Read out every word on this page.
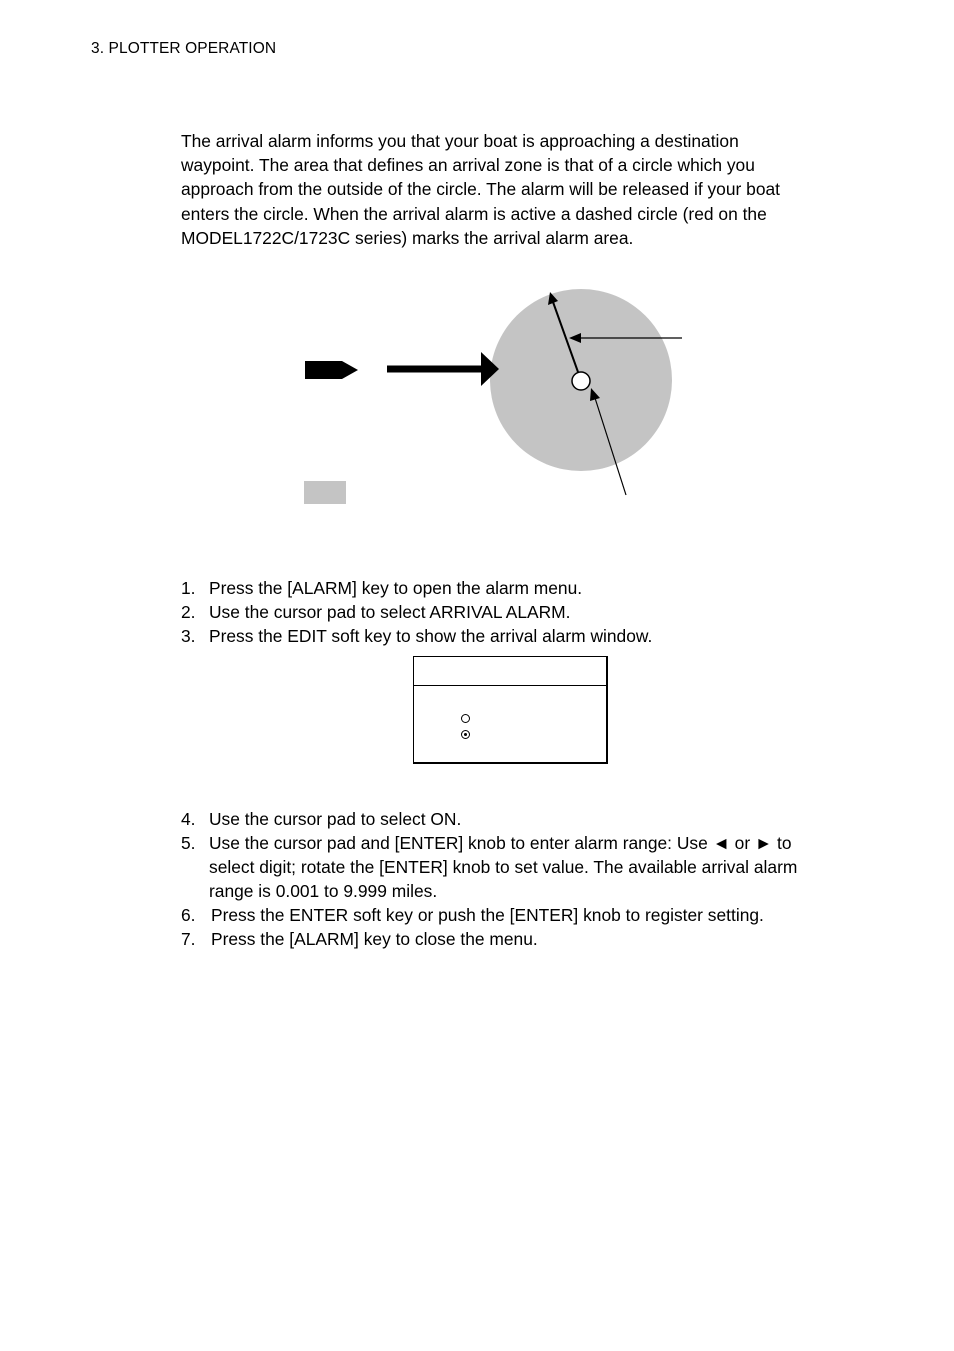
3. PLOTTER OPERATION

The arrival alarm informs you that your boat is approaching a destination
waypoint. The area that defines an arrival zone is that of a circle which you
approach from the outside of the circle. The alarm will be released if your boat
enters the circle. When the arrival alarm is active a dashed circle (red on the
MODEL1722C/1723C series) marks the arrival alarm area.

1. Press the [ALARM] key to open the alarm menu.
2. Use the cursor pad to select ARRIVAL ALARM.
3. Press the EDIT soft key to show the arrival alarm window.
4. Use the cursor pad to select ON.
5. Use the cursor pad and [ENTER] knob to enter alarm range: Use ◄ or ► to
select digit; rotate the [ENTER] knob to set value. The available arrival alarm
range is 0.001 to 9.999 miles.
6. Press the ENTER soft key or push the [ENTER] knob to register setting.
7. Press the [ALARM] key to close the menu.
